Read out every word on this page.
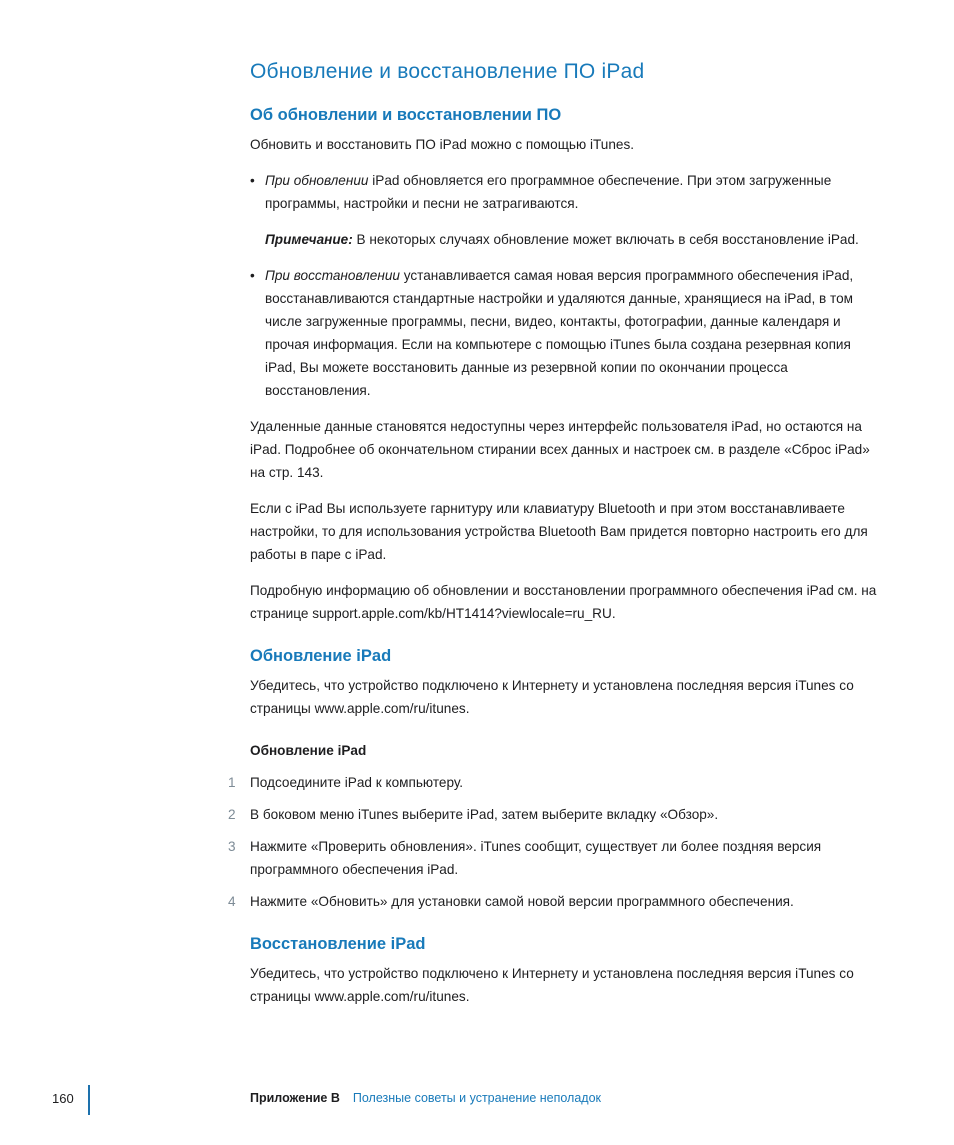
Обновление и восстановление ПО iPad
Об обновлении и восстановлении ПО

Обновить и восстановить ПО iPad можно с помощью iTunes.

• При обновлении iPad обновляется его программное обеспечение. При этом загруженные программы, настройки и песни не затрагиваются.
Примечание: В некоторых случаях обновление может включать в себя восстановление iPad.
• При восстановлении устанавливается самая новая версия программного обеспечения iPad, восстанавливаются стандартные настройки и удаляются данные, хранящиеся на iPad, в том числе загруженные программы, песни, видео, контакты, фотографии, данные календаря и прочая информация. Если на компьютере с помощью iTunes была создана резервная копия iPad, Вы можете восстановить данные из резервной копии по окончании процесса восстановления.

Удаленные данные становятся недоступны через интерфейс пользователя iPad, но остаются на iPad. Подробнее об окончательном стирании всех данных и настроек см. в разделе «Сброс iPad» на стр. 143.

Если с iPad Вы используете гарнитуру или клавиатуру Bluetooth и при этом восстанавливаете настройки, то для использования устройства Bluetooth Вам придется повторно настроить его для работы в паре с iPad.

Подробную информацию об обновлении и восстановлении программного обеспечения iPad см. на странице support.apple.com/kb/HT1414?viewlocale=ru_RU.

Обновление iPad

Убедитесь, что устройство подключено к Интернету и установлена последняя версия iTunes со страницы www.apple.com/ru/itunes.

Обновление iPad

1 Подсоедините iPad к компьютеру.
2 В боковом меню iTunes выберите iPad, затем выберите вкладку «Обзор».
3 Нажмите «Проверить обновления». iTunes сообщит, существует ли более поздняя версия программного обеспечения iPad.
4 Нажмите «Обновить» для установки самой новой версии программного обеспечения.
Восстановление iPad

Убедитесь, что устройство подключено к Интернету и установлена последняя версия iTunes со страницы www.apple.com/ru/itunes.

160	Приложение B Полезные советы и устранение неполадок
